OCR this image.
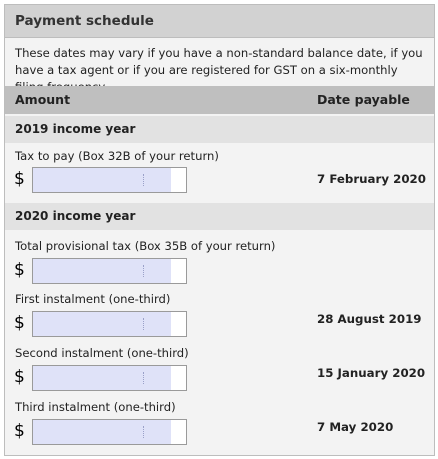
Payment schedule
These dates may vary if you have a non-standard balance date, if you have a tax agent or if you are registered for GST on a six-monthly
Amount	Date payable
2019 income year
Tax to pay (Box 32B of your return)
$	7 February 2020
2020 income year
Total provisional tax (Box 35B of your return)
$
First instalment (one-third)
$	28 August 2019
Second instalment (one-third)
$	15 January 2020
Third instalment (one-third)
$	7 May 2020
